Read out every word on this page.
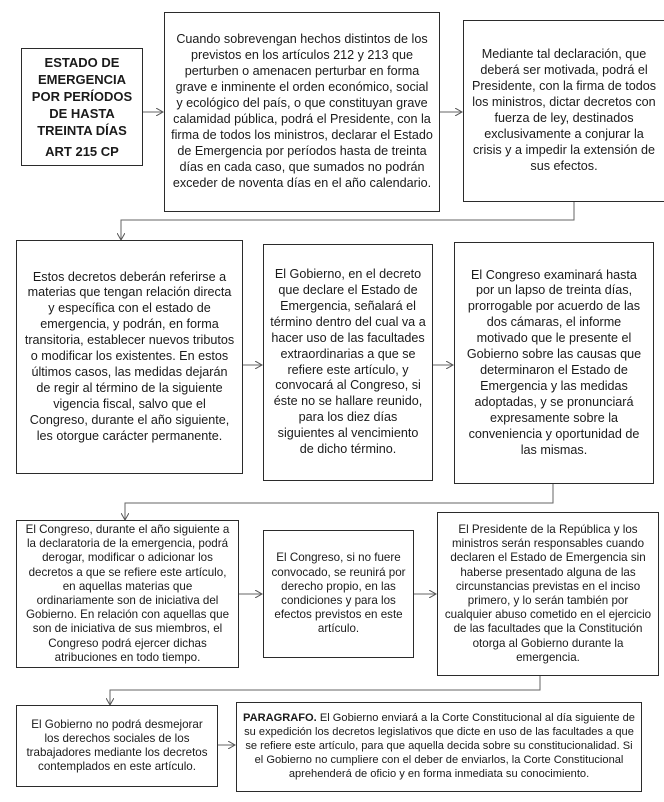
ESTADO DE EMERGENCIA POR PERÍODOS DE HASTA TREINTA DÍAS
ART 215 CP
Cuando sobrevengan hechos distintos de los previstos en los artículos 212 y 213 que perturben o amenacen perturbar en forma grave e inminente el orden económico, social y ecológico del país, o que constituyan grave calamidad pública, podrá el Presidente, con la firma de todos los ministros, declarar el Estado de Emergencia por períodos hasta de treinta días en cada caso, que sumados no podrán exceder de noventa días en el año calendario.
Mediante tal declaración, que deberá ser motivada, podrá el Presidente, con la firma de todos los ministros, dictar decretos con fuerza de ley, destinados exclusivamente a conjurar la crisis y a impedir la extensión de sus efectos.
Estos decretos deberán referirse a materias que tengan relación directa y específica con el estado de emergencia, y podrán, en forma transitoria, establecer nuevos tributos o modificar los existentes. En estos últimos casos, las medidas dejarán de regir al término de la siguiente vigencia fiscal, salvo que el Congreso, durante el año siguiente, les otorgue carácter permanente.
El Gobierno, en el decreto que declare el Estado de Emergencia, señalará el término dentro del cual va a hacer uso de las facultades extraordinarias a que se refiere este artículo, y convocará al Congreso, si éste no se hallare reunido, para los diez días siguientes al vencimiento de dicho término.
El Congreso examinará hasta por un lapso de treinta días, prorrogable por acuerdo de las dos cámaras, el informe motivado que le presente el Gobierno sobre las causas que determinaron el Estado de Emergencia y las medidas adoptadas, y se pronunciará expresamente sobre la conveniencia y oportunidad de las mismas.
El Congreso, durante el año siguiente a la declaratoria de la emergencia, podrá derogar, modificar o adicionar los decretos a que se refiere este artículo, en aquellas materias que ordinariamente son de iniciativa del Gobierno. En relación con aquellas que son de iniciativa de sus miembros, el Congreso podrá ejercer dichas atribuciones en todo tiempo.
El Congreso, si no fuere convocado, se reunirá por derecho propio, en las condiciones y para los efectos previstos en este artículo.
El Presidente de la República y los ministros serán responsables cuando declaren el Estado de Emergencia sin haberse presentado alguna de las circunstancias previstas en el inciso primero, y lo serán también por cualquier abuso cometido en el ejercicio de las facultades que la Constitución otorga al Gobierno durante la emergencia.
El Gobierno no podrá desmejorar los derechos sociales de los trabajadores mediante los decretos contemplados en este artículo.
PARAGRAFO. El Gobierno enviará a la Corte Constitucional al día siguiente de su expedición los decretos legislativos que dicte en uso de las facultades a que se refiere este artículo, para que aquella decida sobre su constitucionalidad. Si el Gobierno no cumpliere con el deber de enviarlos, la Corte Constitucional aprehenderá de oficio y en forma inmediata su conocimiento.
